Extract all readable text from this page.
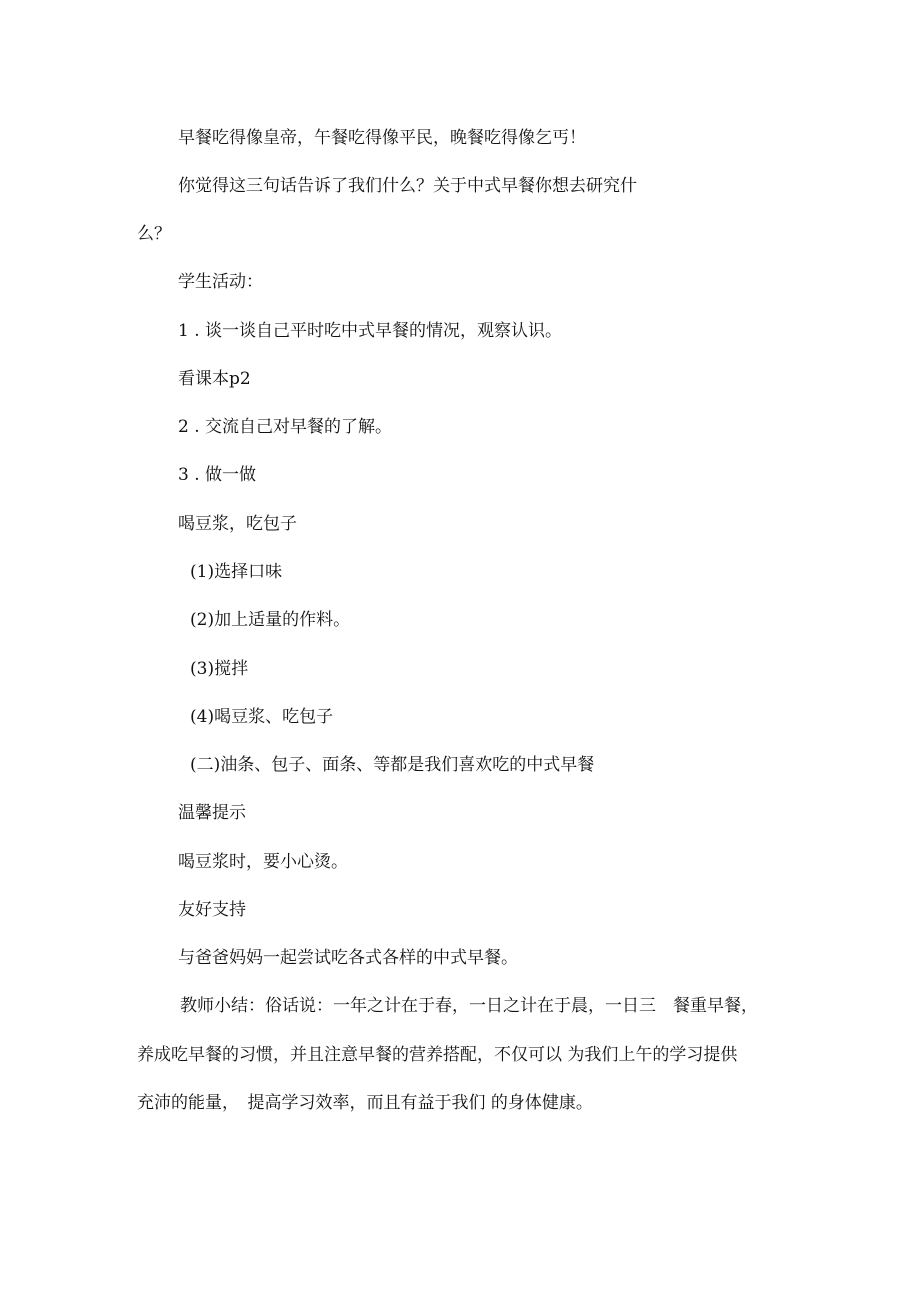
早餐吃得像皇帝，午餐吃得像平民，晚餐吃得像乞丐！
你觉得这三句话告诉了我们什么？关于中式早餐你想去研究什
么？
学生活动：
1 . 谈一谈自己平时吃中式早餐的情况，观察认识。
看课本p2
2 . 交流自己对早餐的了解。
3 . 做一做
喝豆浆，吃包子
(1)选择口味
(2)加上适量的作料。
(3)搅拌
(4)喝豆浆、吃包子
(二)油条、包子、面条、等都是我们喜欢吃的中式早餐
温馨提示
喝豆浆时，要小心烫。
友好支持
与爸爸妈妈一起尝试吃各式各样的中式早餐。
教师小结：俗话说：一年之计在于春，一日之计在于晨，一日三　餐重早餐，
养成吃早餐的习惯，并且注意早餐的营养搭配，不仅可以 为我们上午的学习提供
充沛的能量，　提高学习效率，而且有益于我们 的身体健康。
